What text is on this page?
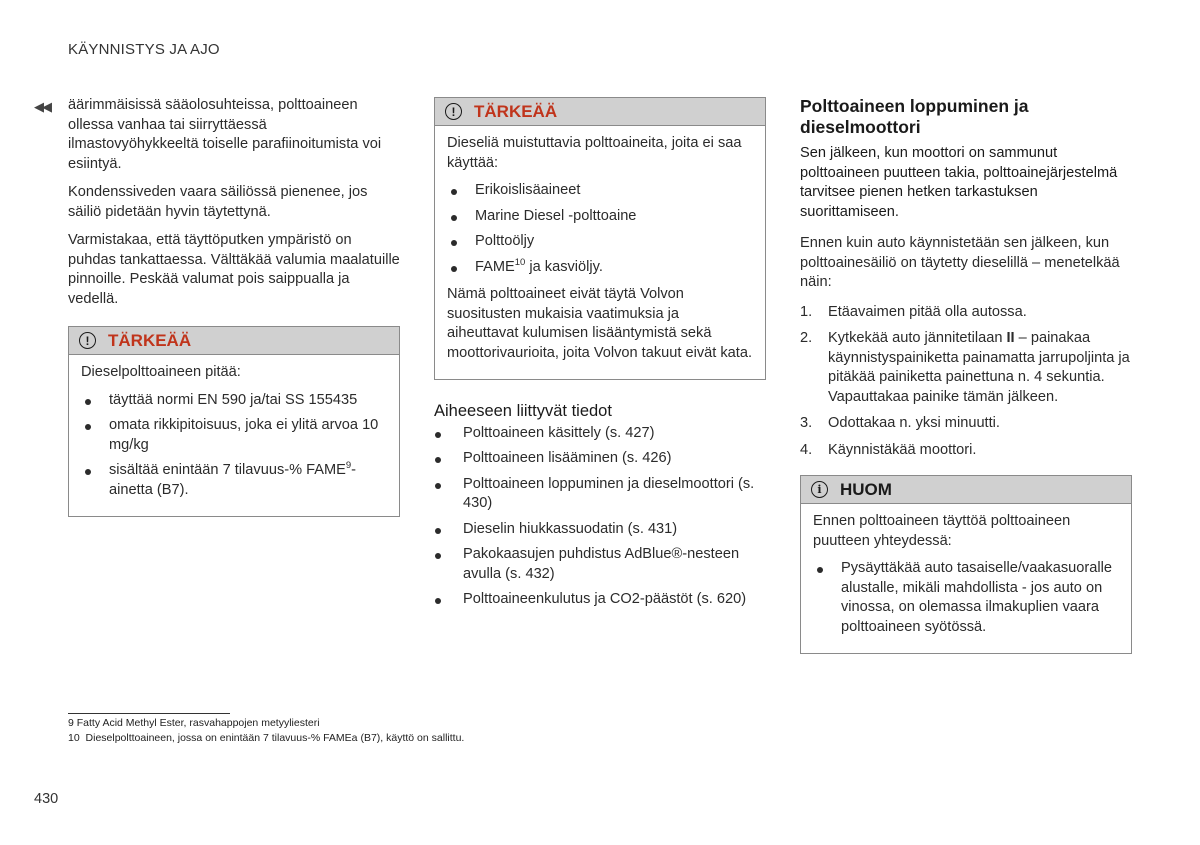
KÄYNNISTYS JA AJO
◀◀ äärimmäisissä sääolosuhteissa, polttoaineen ollessa vanhaa tai siirryttäessä ilmastovyöhykkeeltä toiselle parafiinoitumista voi esiintyä.

Kondenssiveden vaara säiliössä pienenee, jos säiliö pidetään hyvin täytettynä.

Varmistakaa, että täyttöputken ympäristö on puhdas tankattaessa. Välttäkää valumia maalatuille pinnoille. Peskää valumat pois saippualla ja vedellä.

!	TÄRKEÄÄ

Dieselpolttoaineen pitää:

täyttää normi EN 590 ja/tai SS 155435
omata rikkipitoisuus, joka ei ylitä arvoa 10 mg/kg
sisältää enintään 7 tilavuus-% FAME$^9$-ainetta (B7).
!	TÄRKEÄÄ

Dieseliä muistuttavia polttoaineita, joita ei saa käyttää:

Erikoislisäaineet
Marine Diesel -polttoaine
Polttoöljy
FAME$^{10}$ ja kasviöljy.

Nämä polttoaineet eivät täytä Volvon suositusten mukaisia vaatimuksia ja aiheuttavat kulumisen lisääntymistä sekä moottorivaurioita, joita Volvon takuut eivät kata.

Aiheeseen liittyvät tiedot
Polttoaineen käsittely (s. 427)
Polttoaineen lisääminen (s. 426)
Polttoaineen loppuminen ja dieselmoottori (s. 430)
Dieselin hiukkassuodatin (s. 431)
Pakokaasujen puhdistus AdBlue®-nesteen avulla (s. 432)
Polttoaineenkulutus ja CO2-päästöt (s. 620)
Polttoaineen loppuminen ja dieselmoottori

Sen jälkeen, kun moottori on sammunut polttoaineen puutteen takia, polttoainejärjestelmä tarvitsee pienen hetken tarkastuksen suorittamiseen.

Ennen kuin auto käynnistetään sen jälkeen, kun polttoainesäiliö on täytetty dieselillä – menetelkää näin:

1. Etäavaimen pitää olla autossa.
2. Kytkekää auto jännitetilaan II – painakaa käynnistyspainiketta painamatta jarrupoljinta ja pitäkää painiketta painettuna n. 4 sekuntia. Vapauttakaa painike tämän jälkeen.
3. Odottakaa n. yksi minuutti.
4. Käynnistäkää moottori.
i	HUOM

Ennen polttoaineen täyttöä polttoaineen puutteen yhteydessä:

Pysäyttäkää auto tasaiselle/vaakasuoralle alustalle, mikäli mahdollista - jos auto on vinossa, on olemassa ilmakuplien vaara polttoaineen syötössä.
9 Fatty Acid Methyl Ester, rasvahappojen metyyliesteri
10 Dieselpolttoaineen, jossa on enintään 7 tilavuus-% FAMEa (B7), käyttö on sallittu.
430
